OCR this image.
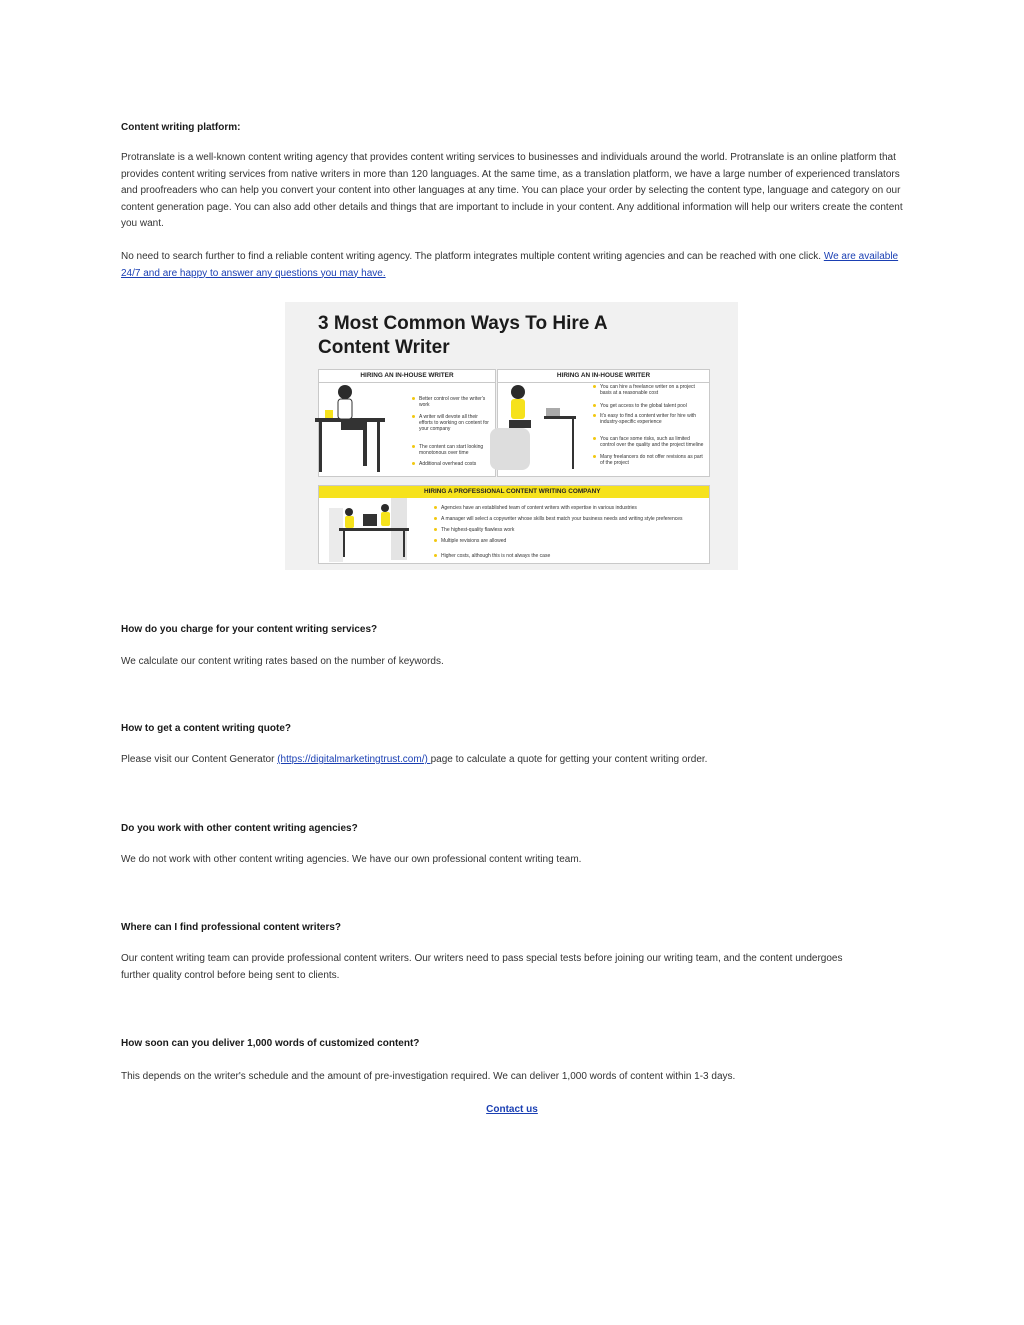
Content writing platform:
Protranslate is a well-known content writing agency that provides content writing services to businesses and individuals around the world. Protranslate is an online platform that provides content writing services from native writers in more than 120 languages. At the same time, as a translation platform, we have a large number of experienced translators and proofreaders who can help you convert your content into other languages at any time. You can place your order by selecting the content type, language and category on our content generation page. You can also add other details and things that are important to include in your content. Any additional information will help our writers create the content you want.
No need to search further to find a reliable content writing agency. The platform integrates multiple content writing agencies and can be reached with one click. We are available 24/7 and are happy to answer any questions you may have.
3 Most Common Ways To Hire A Content Writer
HIRING AN IN-HOUSE WRITER
Better control over the writer's work
A writer will devote all their efforts to working on content for your company
The content can start looking monotonous over time
Additional overhead costs
HIRING AN IN-HOUSE WRITER
You can hire a freelance writer on a project basis at a reasonable cost
You get access to the global talent pool
It's easy to find a content writer for hire with industry-specific experience
You can face some risks, such as limited control over the quality and the project timeline
Many freelancers do not offer revisions as part of the project
HIRING A PROFESSIONAL CONTENT WRITING COMPANY
Agencies have an established team of content writers with expertise in various industries
A manager will select a copywriter whose skills best match your business needs and writing style preferences
The highest-quality flawless work
Multiple revisions are allowed
Higher costs, although this is not always the case
How do you charge for your content writing services?
We calculate our content writing rates based on the number of keywords.
How to get a content writing quote?
Please visit our Content Generator (https://digitalmarketingtrust.com/) page to calculate a quote for getting your content writing order.
Do you work with other content writing agencies?
We do not work with other content writing agencies. We have our own professional content writing team.
Where can I find professional content writers?
Our content writing team can provide professional content writers. Our writers need to pass special tests before joining our writing team, and the content undergoes further quality control before being sent to clients.
How soon can you deliver 1,000 words of customized content?
This depends on the writer's schedule and the amount of pre-investigation required. We can deliver 1,000 words of content within 1-3 days.
Contact us
